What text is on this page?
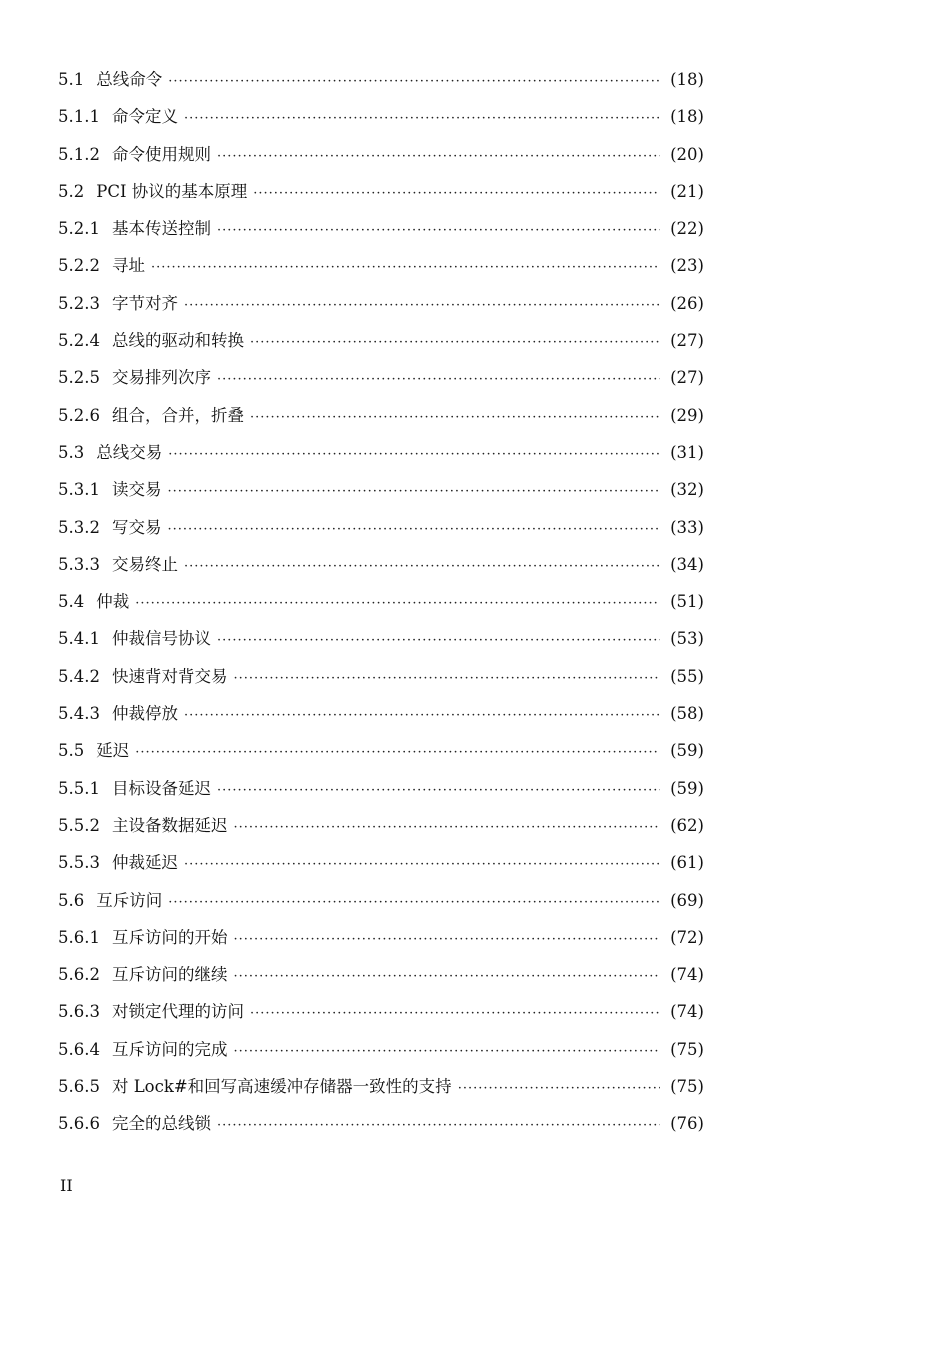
5.1 总线命令 ·····	(18)
5.1.1 命令定义 ·····	(18)
5.1.2 命令使用规则 ·····	(20)
5.2 PCI 协议的基本原理 ·····	(21)
5.2.1 基本传送控制 ·····	(22)
5.2.2 寻址 ·····	(23)
5.2.3 字节对齐 ·····	(26)
5.2.4 总线的驱动和转换 ·····	(27)
5.2.5 交易排列次序 ·····	(27)
5.2.6 组合，合并，折叠 ·····	(29)
5.3 总线交易 ·····	(31)
5.3.1 读交易 ·····	(32)
5.3.2 写交易 ·····	(33)
5.3.3 交易终止 ·····	(34)
5.4 仲裁 ·····	(51)
5.4.1 仲裁信号协议 ·····	(53)
5.4.2 快速背对背交易 ·····	(55)
5.4.3 仲裁停放 ·····	(58)
5.5 延迟 ·····	(59)
5.5.1 目标设备延迟 ·····	(59)
5.5.2 主设备数据延迟 ·····	(62)
5.5.3 仲裁延迟 ·····	(61)
5.6 互斥访问 ·····	(69)
5.6.1 互斥访问的开始 ·····	(72)
5.6.2 互斥访问的继续 ·····	(74)
5.6.3 对锁定代理的访问 ·····	(74)
5.6.4 互斥访问的完成 ·····	(75)
5.6.5 对 Lock#和回写高速缓冲存储器一致性的支持 ·····	(75)
5.6.6 完全的总线锁 ·····	(76)
II
